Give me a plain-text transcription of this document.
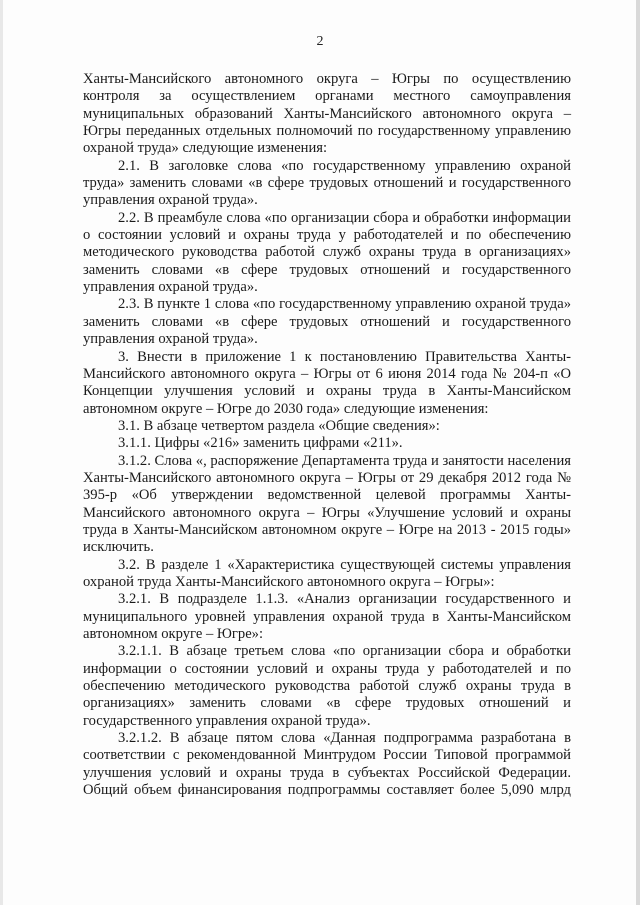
2

Ханты-Мансийского автономного округа – Югры по осуществлению контроля за осуществлением органами местного самоуправления муниципальных образований Ханты-Мансийского автономного округа – Югры переданных отдельных полномочий по государственному управлению охраной труда» следующие изменения:

2.1. В заголовке слова «по государственному управлению охраной труда» заменить словами «в сфере трудовых отношений и государственного управления охраной труда».

2.2. В преамбуле слова «по организации сбора и обработки информации о состоянии условий и охраны труда у работодателей и по обеспечению методического руководства работой служб охраны труда в организациях» заменить словами «в сфере трудовых отношений и государственного управления охраной труда».

2.3. В пункте 1 слова «по государственному управлению охраной труда» заменить словами «в сфере трудовых отношений и государственного управления охраной труда».

3. Внести в приложение 1 к постановлению Правительства Ханты-Мансийского автономного округа – Югры от 6 июня 2014 года № 204-п «О Концепции улучшения условий и охраны труда в Ханты-Мансийском автономном округе – Югре до 2030 года» следующие изменения:

3.1. В абзаце четвертом раздела «Общие сведения»:

3.1.1. Цифры «216» заменить цифрами «211».

3.1.2. Слова «, распоряжение Департамента труда и занятости населения Ханты-Мансийского автономного округа – Югры от 29 декабря 2012 года № 395-р «Об утверждении ведомственной целевой программы Ханты-Мансийского автономного округа – Югры «Улучшение условий и охраны труда в Ханты-Мансийском автономном округе – Югре на 2013 - 2015 годы» исключить.

3.2. В разделе 1 «Характеристика существующей системы управления охраной труда Ханты-Мансийского автономного округа – Югры»:

3.2.1. В подразделе 1.1.3. «Анализ организации государственного и муниципального уровней управления охраной труда в Ханты-Мансийском автономном округе – Югре»:

3.2.1.1. В абзаце третьем слова «по организации сбора и обработки информации о состоянии условий и охраны труда у работодателей и по обеспечению методического руководства работой служб охраны труда в организациях» заменить словами «в сфере трудовых отношений и государственного управления охраной труда».

3.2.1.2. В абзаце пятом слова «Данная подпрограмма разработана в соответствии с рекомендованной Минтрудом России Типовой программой улучшения условий и охраны труда в субъектах Российской Федерации. Общий объем финансирования подпрограммы составляет более 5,090 млрд
